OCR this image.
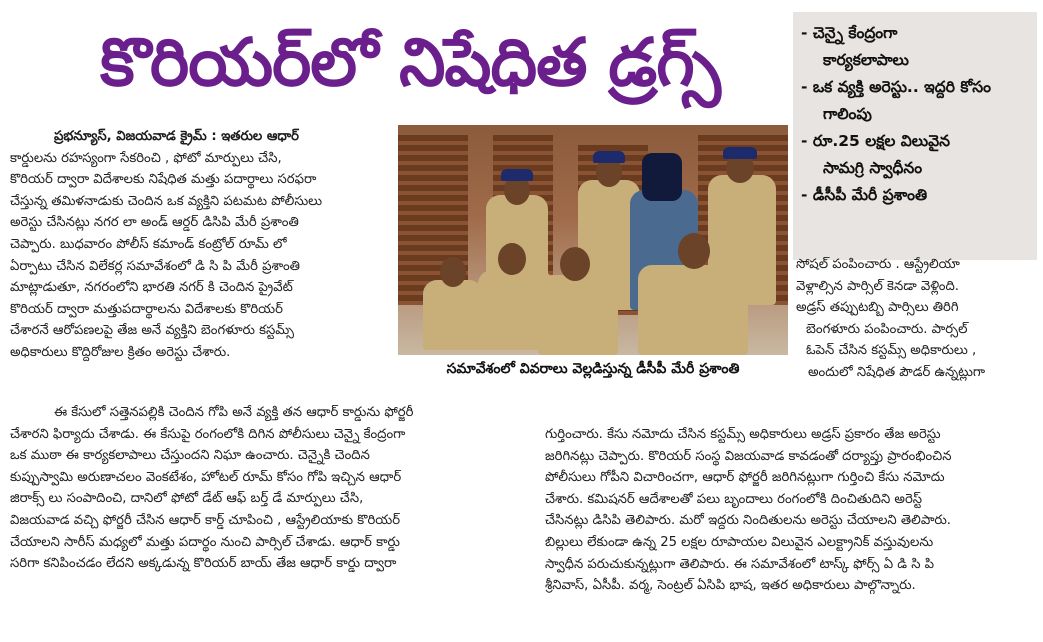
కొరియర్‌లో నిషేధిత డ్రగ్స్	- చెన్నై కేంద్రంగా
కార్యకలాపాలు
- ఒక వ్యక్తి అరెస్టు.. ఇద్దరి కోసం
గాలింపు
- రూ.25 లక్షల విలువైన
సామగ్రి స్వాధీనం
- డీసీపీ మేరీ ప్రశాంతి
సమావేశంలో వివరాలు వెల్లడిస్తున్న డీసీపీ మేరీ ప్రశాంతి
ప్రభన్యూస్, విజయవాడ క్రైమ్ : ఇతరుల ఆధార్
కార్డులను రహస్యంగా సేకరించి , ఫోటో మార్పులు చేసి,
కొరియర్ ద్వారా విదేశాలకు నిషేధిత మత్తు పదార్థాలు సరఫరా
చేస్తున్న తమిళనాడుకు చెందిన ఒక వ్యక్తిని పటమట పోలీసులు
అరెస్టు చేసినట్లు నగర లా అండ్ ఆర్డర్ డిసిపి మేరీ ప్రశాంతి
చెప్పారు. బుధవారం పోలీస్ కమాండ్ కంట్రోల్ రూమ్ లో
ఏర్పాటు చేసిన విలేకర్ల సమావేశంలో డి సి పి మేరీ ప్రశాంతి
మాట్లాడుతూ, నగరంలోని భారతి నగర్ కి చెందిన ప్రైవేట్
కొరియర్ ద్వారా మత్తుపదార్థాలను విదేశాలకు కొరియర్
చేశారనే ఆరోపణలపై తేజ అనే వ్యక్తిని బెంగళూరు కస్టమ్స్
అధికారులు కొద్దిరోజుల క్రితం అరెస్టు చేశారు.
ఈ కేసులో సత్తెనపల్లికి చెందిన గోపి అనే వ్యక్తి తన ఆధార్ కార్డును ఫోర్జరీ
చేశారని ఫిర్యాదు చేశాడు. ఈ కేసుపై రంగంలోకి దిగిన పోలీసులు చెన్నై కేంద్రంగా
ఒక ముఠా ఈ కార్యకలాపాలు చేస్తుందని నిఘా ఉంచారు. చెన్నైకి చెందిన
కుప్పుస్వామి అరుణాచలం వెంకటేశం, హోటల్ రూమ్ కోసం గోపి ఇచ్చిన ఆధార్
జిరాక్స్ లు సంపాదించి, దానిలో ఫోటో డేట్ ఆఫ్ బర్త్ డే మార్పులు చేసి,
విజయవాడ వచ్చి ఫోర్జరీ చేసిన ఆధార్ కార్డ్ చూపించి , ఆస్ట్రేలియాకు కొరియర్
చేయాలని సారీస్ మధ్యలో మత్తు పదార్థం నుంచి పార్సిల్ చేశాడు. ఆధార్ కార్డు
సరిగా కనిపించడం లేదని అక్కడున్న కొరియర్ బాయ్ తేజ ఆధార్ కార్డు ద్వారా
సోషల్ పంపించారు . ఆస్ట్రేలియా
వెళ్లాల్సిన పార్సిల్ కెనడా వెళ్లింది.
అడ్రస్ తప్పుటబ్బి పార్సిలు తిరిగి
బెంగళూరు పంపించారు. పార్సల్
ఓపెన్ చేసిన కస్టమ్స్ అధికారులు ,
అందులో నిషేధిత పౌడర్ ఉన్నట్లుగా
గుర్తించారు. కేసు నమోదు చేసిన కస్టమ్స్ అధికారులు అడ్రస్ ప్రకారం తేజ అరెస్టు
జరిగినట్లు చెప్పారు. కొరియర్ సంస్థ విజయవాడ కావడంతో దర్యాప్తు ప్రారంభించిన
పోలీసులు గోపీని విచారించగా, ఆధార్ ఫోర్జరీ జరిగినట్లుగా గుర్తించి కేసు నమోదు
చేశారు. కమిషనర్ ఆదేశాలతో పలు బృందాలు రంగంలోకి దించితుదిని అరెస్ట్
చేసినట్లు డిసిపి తెలిపారు. మరో ఇద్దరు నిందితులను అరెస్టు చేయాలని తెలిపారు.
బిల్లులు లేకుండా ఉన్న 25 లక్షల రూపాయల విలువైన ఎలక్ట్రానిక్ వస్తువులను
స్వాధీన పరుచుకున్నట్లుగా తెలిపారు. ఈ సమావేశంలో టాస్క్ ఫోర్స్ ఏ డి సి పి
శ్రీనివాస్, ఏసీపీ. వర్మ, సెంట్రల్ ఏసిపి భాష, ఇతర అధికారులు పాల్గొన్నారు.
